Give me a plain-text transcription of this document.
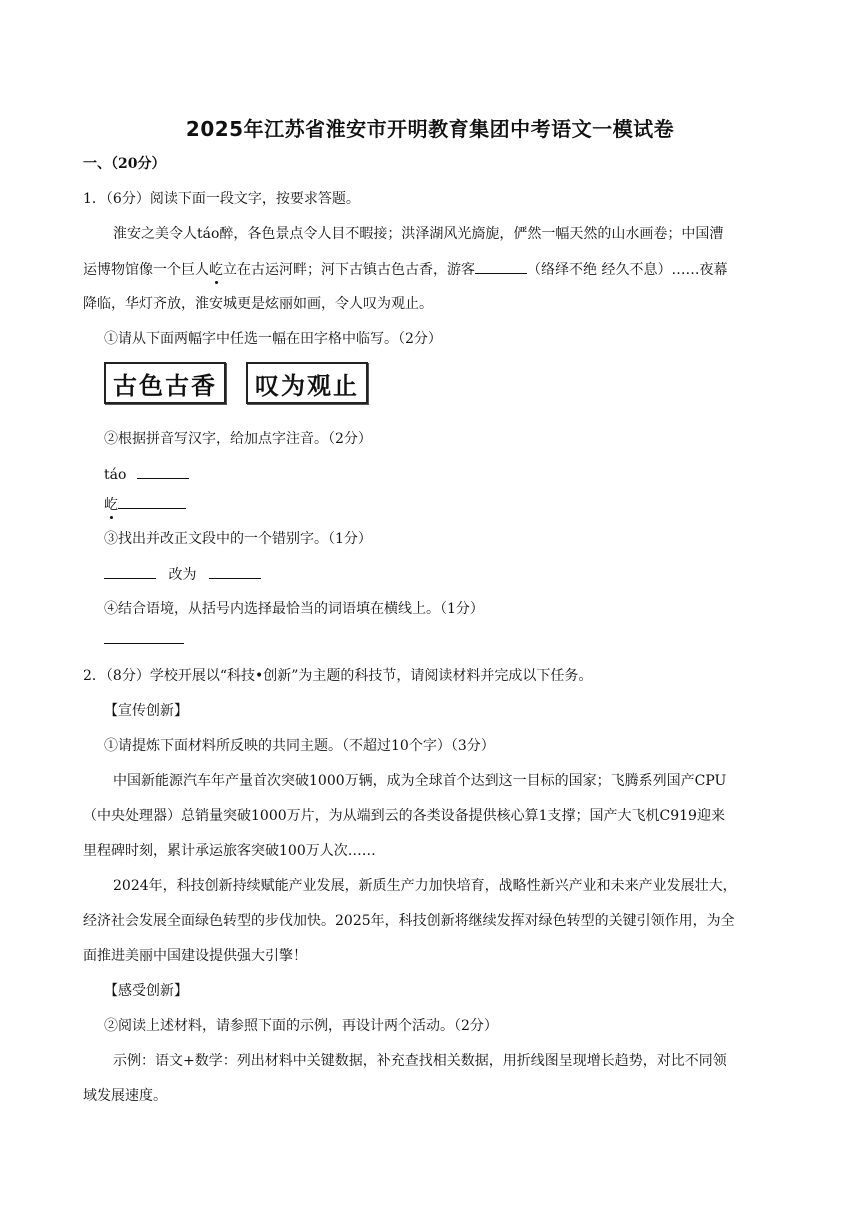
2025年江苏省淮安市开明教育集团中考语文一模试卷
一、（20分）
1．（6分）阅读下面一段文字，按要求答题。
淮安之美令人táo醉，各色景点令人目不暇接；洪泽湖风光旖旎，俨然一幅天然的山水画卷；中国漕
运博物馆像一个巨人屹立在古运河畔；河下古镇古色古香，游客	（络绎不绝 经久不息）……夜幕
降临，华灯齐放，淮安城更是炫丽如画，令人叹为观止。
①请从下面两幅字中任选一幅在田字格中临写。（2分）
古色古香	叹为观止
②根据拼音写汉字，给加点字注音。（2分）
táo
屹
③找出并改正文段中的一个错别字。（1分）
改为
④结合语境，从括号内选择最恰当的词语填在横线上。（1分）
2．（8分）学校开展以“科技•创新”为主题的科技节，请阅读材料并完成以下任务。
【宣传创新】
①请提炼下面材料所反映的共同主题。（不超过10个字）（3分）
中国新能源汽车年产量首次突破1000万辆，成为全球首个达到这一目标的国家；飞腾系列国产CPU
（中央处理器）总销量突破1000万片，为从端到云的各类设备提供核心算1支撑；国产大飞机C919迎来
里程碑时刻，累计承运旅客突破100万人次……
2024年，科技创新持续赋能产业发展，新质生产力加快培育，战略性新兴产业和未来产业发展壮大，
经济社会发展全面绿色转型的步伐加快。2025年，科技创新将继续发挥对绿色转型的关键引领作用，为全
面推进美丽中国建设提供强大引擎！
【感受创新】
②阅读上述材料，请参照下面的示例，再设计两个活动。（2分）
示例：语文+数学：列出材料中关键数据，补充查找相关数据，用折线图呈现增长趋势，对比不同领
域发展速度。
